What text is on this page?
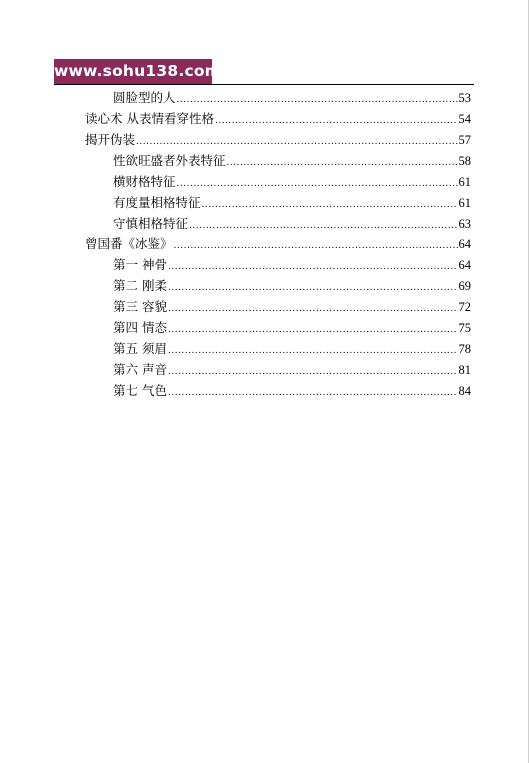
www.sohu138.com
圆脸型的人 .....	53
读心术 从表情看穿性格 .....	54
揭开伪装 .....	57
性欲旺盛者外表特征 .....	58
横财格特征 .....	61
有度量相格特征 .....	61
守慎相格特征 .....	63
曾国番《冰鉴》 .....	64
第一 神骨 .....	64
第二 刚柔 .....	69
第三 容貌 .....	72
第四 情态 .....	75
第五 须眉 .....	78
第六 声音 .....	81
第七 气色 .....	84
